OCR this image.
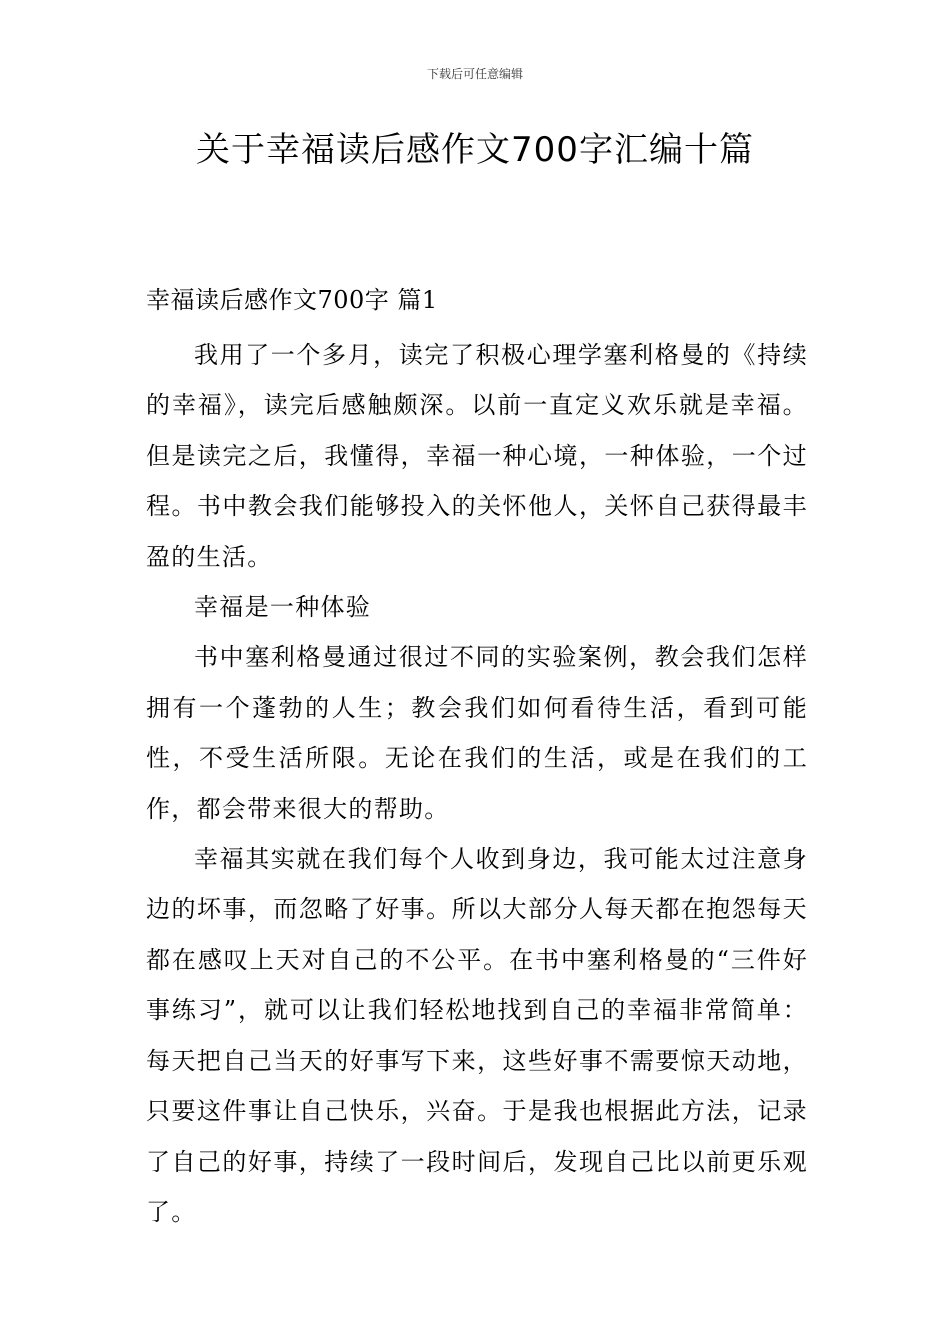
下载后可任意编辑
关于幸福读后感作文700字汇编十篇
幸福读后感作文700字 篇1

我用了一个多月，读完了积极心理学塞利格曼的《持续的幸福》，读完后感触颇深。以前一直定义欢乐就是幸福。但是读完之后，我懂得，幸福一种心境，一种体验，一个过程。书中教会我们能够投入的关怀他人，关怀自己获得最丰盈的生活。

幸福是一种体验

书中塞利格曼通过很过不同的实验案例，教会我们怎样拥有一个蓬勃的人生；教会我们如何看待生活，看到可能性，不受生活所限。无论在我们的生活，或是在我们的工作，都会带来很大的帮助。

幸福其实就在我们每个人收到身边，我可能太过注意身边的坏事，而忽略了好事。所以大部分人每天都在抱怨每天都在感叹上天对自己的不公平。在书中塞利格曼的“三件好事练习”，就可以让我们轻松地找到自己的幸福非常简单：每天把自己当天的好事写下来，这些好事不需要惊天动地，只要这件事让自己快乐，兴奋。于是我也根据此方法，记录了自己的好事，持续了一段时间后，发现自己比以前更乐观了。
